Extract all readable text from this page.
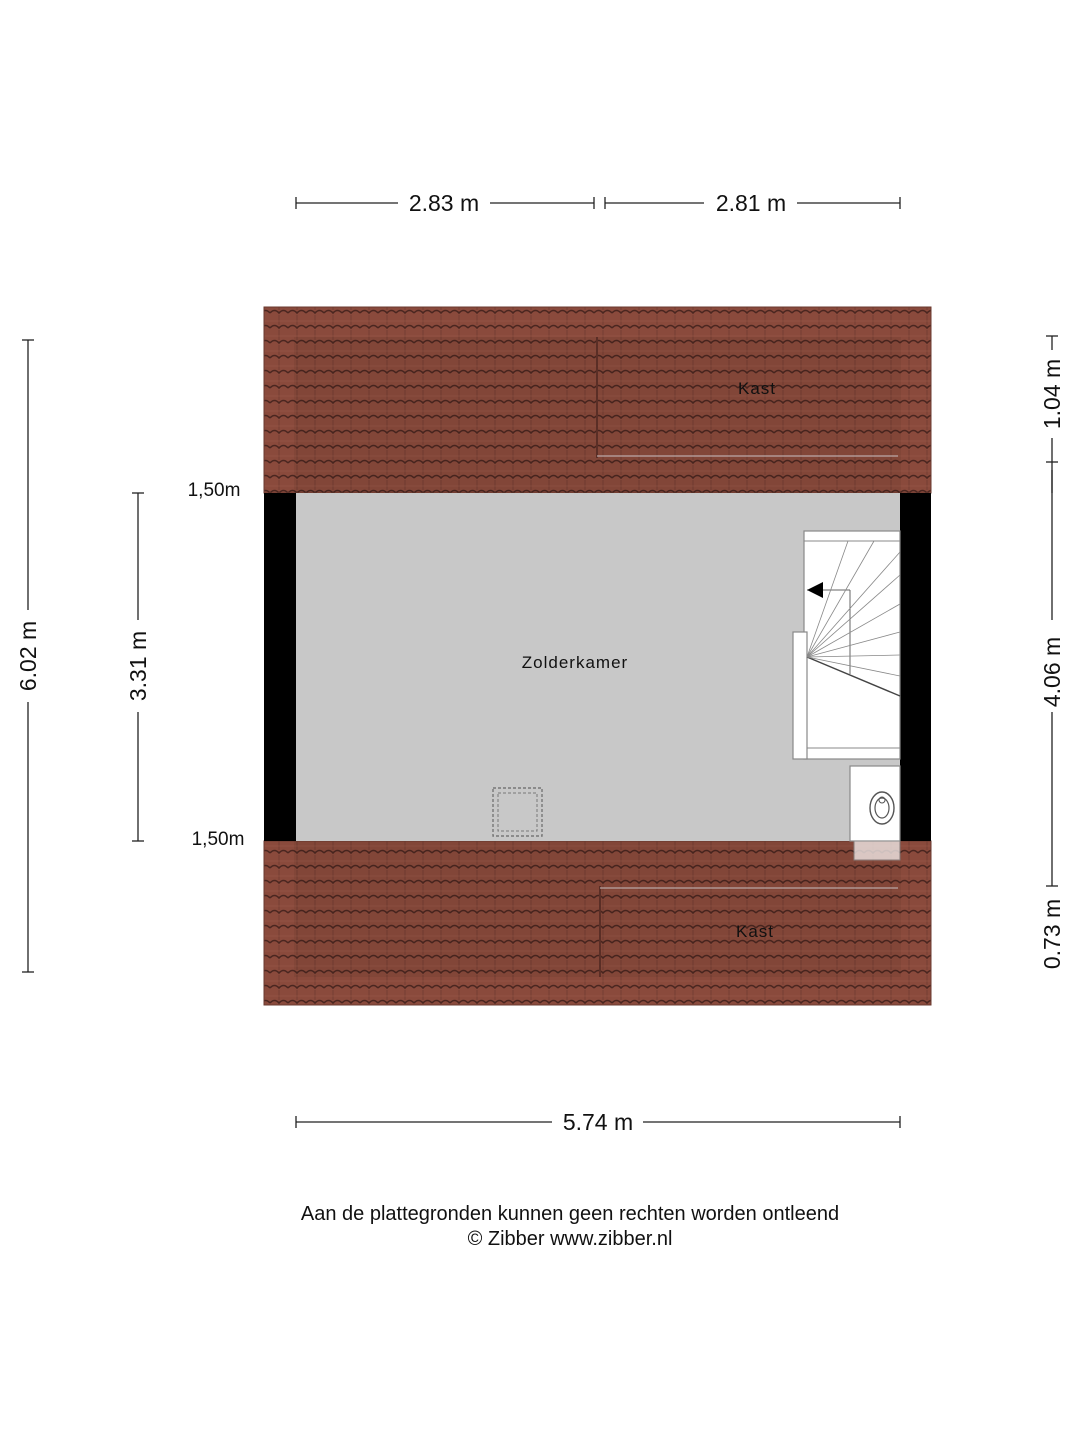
2.83 m	2.81 m
5.74 m
6.02 m	3.31 m
1.04 m
4.06 m
0.73 m
1,50m
1,50m
Kast
Zolderkamer
Kast
Aan de plattegronden kunnen geen rechten worden ontleend
© Zibber www.zibber.nl
